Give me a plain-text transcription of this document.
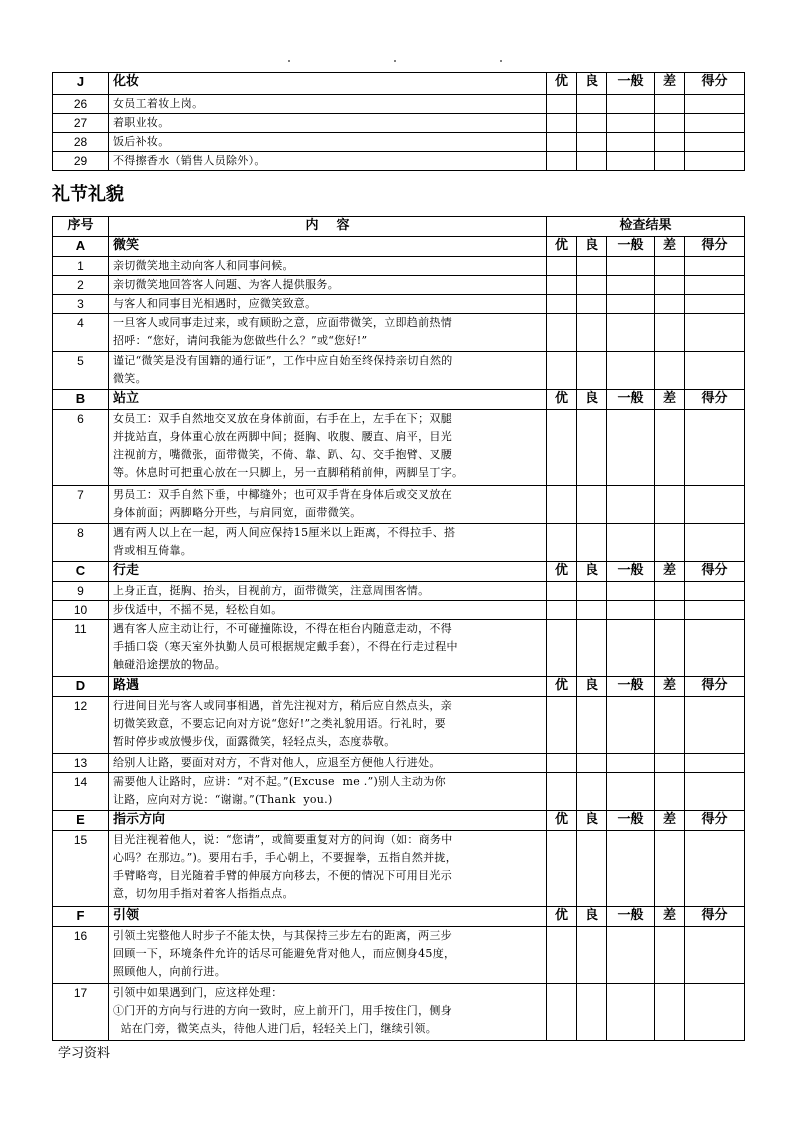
J	化妆	优	良	一般	差	得分
26	女员工着妆上岗。					
27	着职业妆。					
28	饭后补妆。					
29	不得擦香水（销售人员除外）。					
礼节礼貌
序号	内    容	检查结果				
A	微笑	优	良	一般	差	得分
1	亲切微笑地主动向客人和同事问候。					

2	亲切微笑地回答客人问题、为客人提供服务。					

3	与客人和同事目光相遇时，应微笑致意。					

4	一旦客人或同事走过来，或有顾盼之意，应面带微笑，立即趋前热情
招呼：“您好，请问我能为您做些什么？”或“您好!”					

5	谨记“微笑是没有国籍的通行证”，工作中应自始至终保持亲切自然的
微笑。					

B	站立	优	良	一般	差	得分
6	女员工：双手自然地交叉放在身体前面，右手在上，左手在下；双腿
并拢站直，身体重心放在两脚中间；挺胸、收腹、腰直、肩平，目光
注视前方，嘴微张，面带微笑，不倚、靠、趴、勾、交手抱臂、叉腰
等。休息时可把重心放在一只脚上，另一直脚稍稍前伸，两脚呈丁字。					

7	男员工：双手自然下垂，中椰缝外；也可双手背在身体后或交叉放在
身体前面；两脚略分开些，与肩同宽，面带微笑。					

8	遇有两人以上在一起，两人间应保持15厘米以上距离，不得拉手、搭
背或相互倚靠。					

C	行走	优	良	一般	差	得分
9	上身正直，挺胸、抬头，目视前方，面带微笑，注意周围客情。					

10	步伐适中，不摇不晃，轻松自如。					

11	遇有客人应主动让行，不可碰撞陈设，不得在柜台内随意走动，不得
手插口袋（寒天室外执勤人员可根据规定戴手套），不得在行走过程中
触碰沿途摆放的物品。					

D	路遇	优	良	一般	差	得分
12	行进间目光与客人或同事相遇，首先注视对方，稍后应自然点头，亲
切微笑致意，不要忘记向对方说“您好!”之类礼貌用语。行礼时，要
暂时停步或放慢步伐，面露微笑，轻轻点头，态度恭敬。					

13	给别人让路，要面对对方，不背对他人，应退至方便他人行进处。					

14	需要他人让路时，应讲：“对不起。”(Excuse  me .”)别人主动为你
让路，应向对方说：“谢谢。”(Thank  you.)					

E	指示方向	优	良	一般	差	得分
15	目光注视着他人，说：“您请”，或简要重复对方的问询（如：商务中
心吗？在那边。”)。要用右手，手心朝上，不要握拳，五指自然并拢，
手臂略弯，目光随着手臂的伸展方向移去，不便的情况下可用目光示
意，切勿用手指对着客人指指点点。					

F	引领	优	良	一般	差	得分
16	引领土宪整他人时步子不能太快，与其保持三步左右的距离，两三步
回顾一下，环境条件允许的话尽可能避免背对他人，而应侧身45度，
照顾他人，向前行进。					

17	引领中如果遇到门，应这样处理：
①门开的方向与行进的方向一致时，应上前开门，用手按住门，侧身
站在门旁，微笑点头，待他人进门后，轻轻关上门，继续引领。					

学习资料
